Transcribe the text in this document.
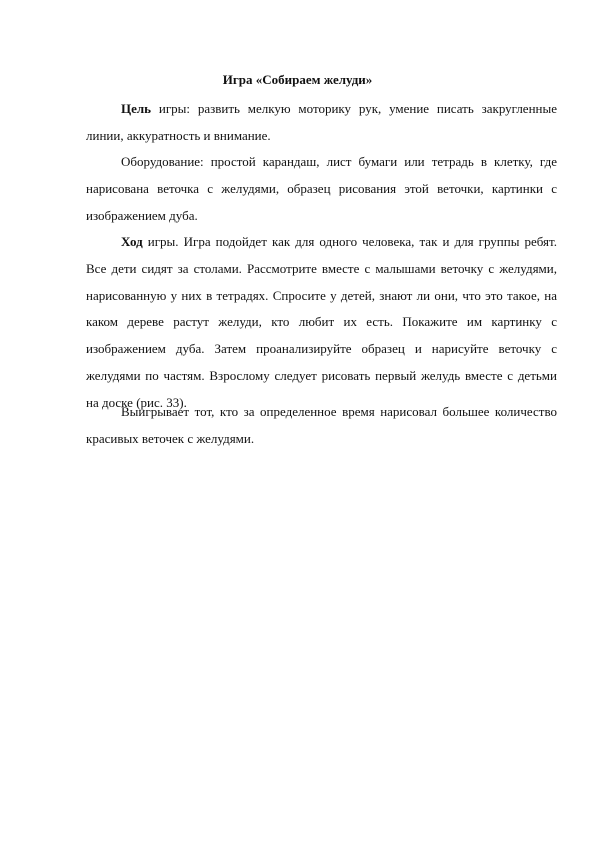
Игра «Собираем желуди»

Цель игры: развить мелкую моторику рук, умение писать закругленные линии, аккуратность и внимание.

Оборудование: простой карандаш, лист бумаги или тетрадь в клетку, где нарисована веточка с желудями, образец рисования этой веточки, картинки с изображением дуба.

Ход игры. Игра подойдет как для одного человека, так и для группы ребят. Все дети сидят за столами. Рассмотрите вместе с малышами веточку с желудями, нарисованную у них в тетрадях. Спросите у детей, знают ли они, что это такое, на каком дереве растут желуди, кто любит их есть. Покажите им картинку с изображением дуба. Затем проанализируйте образец и нарисуйте веточку с желудями по частям. Взрослому следует рисовать первый желудь вместе с детьми на доске (рис. 33).

Выигрывает тот, кто за определенное время нарисовал большее количество красивых веточек с желудями.
